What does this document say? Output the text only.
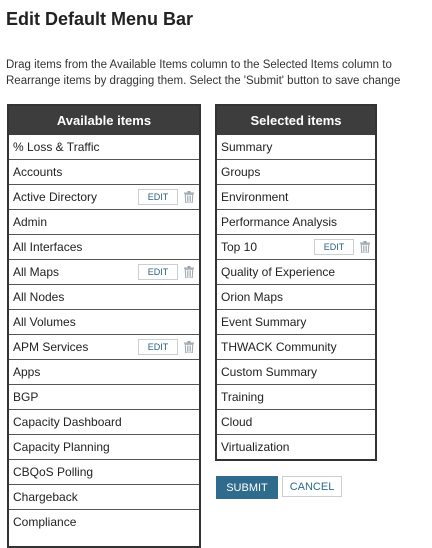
Edit Default Menu Bar
Drag items from the Available Items column to the Selected Items column to
Rearrange items by dragging them. Select the 'Submit' button to save change
Available items
% Loss & Traffic
Accounts
Active Directory	EDIT
Admin
All Interfaces
All Maps	EDIT
All Nodes
All Volumes
APM Services	EDIT
Apps
BGP
Capacity Dashboard
Capacity Planning
CBQoS Polling
Chargeback
Compliance
Selected items
Summary
Groups
Environment
Performance Analysis
Top 10	EDIT
Quality of Experience
Orion Maps
Event Summary
THWACK Community
Custom Summary
Training
Cloud
Virtualization
SUBMIT	CANCEL
